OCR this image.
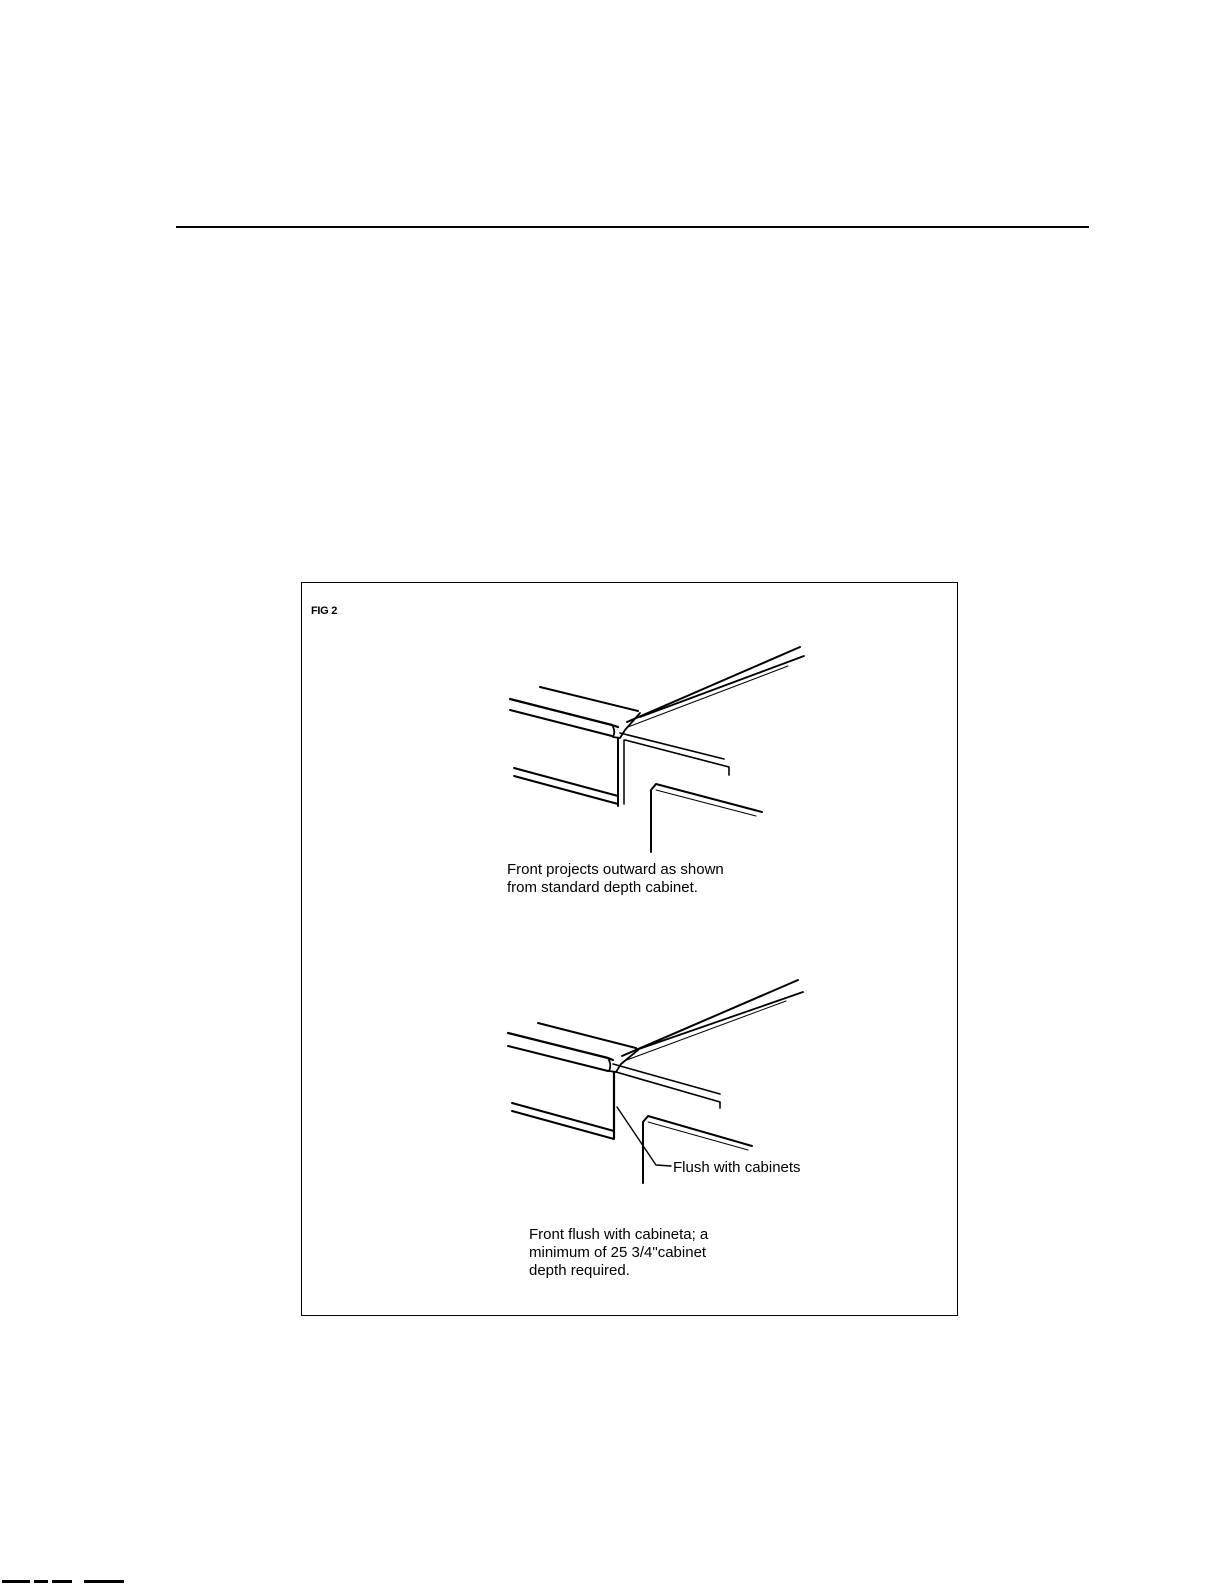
FIG 2
Front projects outward as shown
from standard depth cabinet.
Flush with cabinets
Front flush with cabineta; a
minimum of 25 3/4"cabinet
depth required.
